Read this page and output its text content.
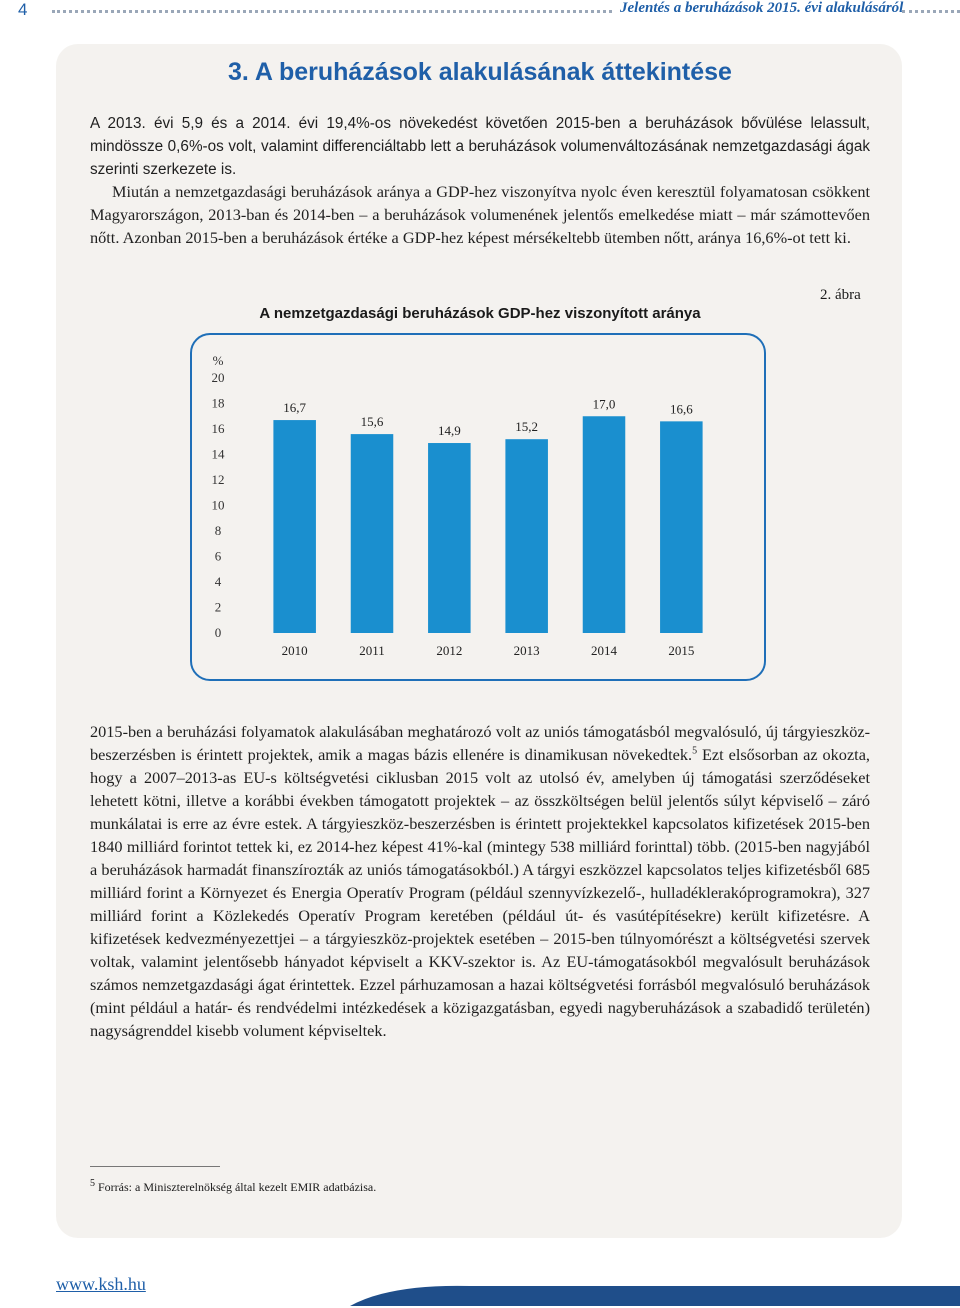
4	Jelentés a beruházások 2015. évi alakulásáról
3. A beruházások alakulásának áttekintése
A 2013. évi 5,9 és a 2014. évi 19,4%-os növekedést követően 2015-ben a beruházások bővülése lelassult, mindössze 0,6%-os volt, valamint differenciáltabb lett a beruházások volumenváltozásának nemzetgazdasági ágak szerinti szerkezete is.
Miután a nemzetgazdasági beruházások aránya a GDP-hez viszonyítva nyolc éven keresztül folyamatosan csökkent Magyarországon, 2013-ban és 2014-ben – a beruházások volumenének jelentős emelkedése miatt – már számottevően nőtt. Azonban 2015-ben a beruházások értéke a GDP-hez képest mérsékeltebb ütemben nőtt, aránya 16,6%-ot tett ki.
2. ábra
A nemzetgazdasági beruházások GDP-hez viszonyított aránya
%
0
2
4
6
8
10
12
14
16
18
20
16,7
2010
15,6
2011
14,9
2012
15,2
2013
17,0
2014
16,6
2015
2015-ben a beruházási folyamatok alakulásában meghatározó volt az uniós támogatásból megvalósuló, új tárgyieszköz-beszerzésben is érintett projektek, amik a magas bázis ellenére is dinamikusan növekedtek.$^5$ Ezt elsősorban az okozta, hogy a 2007–2013-as EU-s költségvetési ciklusban 2015 volt az utolsó év, amelyben új támogatási szerződéseket lehetett kötni, illetve a korábbi években támogatott projektek – az összköltségen belül jelentős súlyt képviselő – záró munkálatai is erre az évre estek. A tárgyieszköz-beszerzésben is érintett projektekkel kapcsolatos kifizetések 2015-ben 1840 milliárd forintot tettek ki, ez 2014-hez képest 41%-kal (mintegy 538 milliárd forinttal) több. (2015-ben nagyjából a beruházások harmadát finanszírozták az uniós támogatásokból.) A tárgyi eszközzel kapcsolatos teljes kifizetésből 685 milliárd forint a Környezet és Energia Operatív Program (például szennyvízkezelő-, hulladéklerakóprogramokra), 327 milliárd forint a Közlekedés Operatív Program keretében (például út- és vasútépítésekre) került kifizetésre. A kifizetések kedvezményezettjei – a tárgyieszköz-projektek esetében – 2015-ben túlnyomórészt a költségvetési szervek voltak, valamint jelentősebb hányadot képviselt a KKV-szektor is. Az EU-támogatásokból megvalósult beruházások számos nemzetgazdasági ágat érintettek. Ezzel párhuzamosan a hazai költségvetési forrásból megvalósuló beruházások (mint például a határ- és rendvédelmi intézkedések a közigazgatásban, egyedi nagyberuházások a szabadidő területén) nagyságrenddel kisebb volument képviseltek.
$^5$ Forrás: a Miniszterelnökség által kezelt EMIR adatbázisa.
www.ksh.hu
